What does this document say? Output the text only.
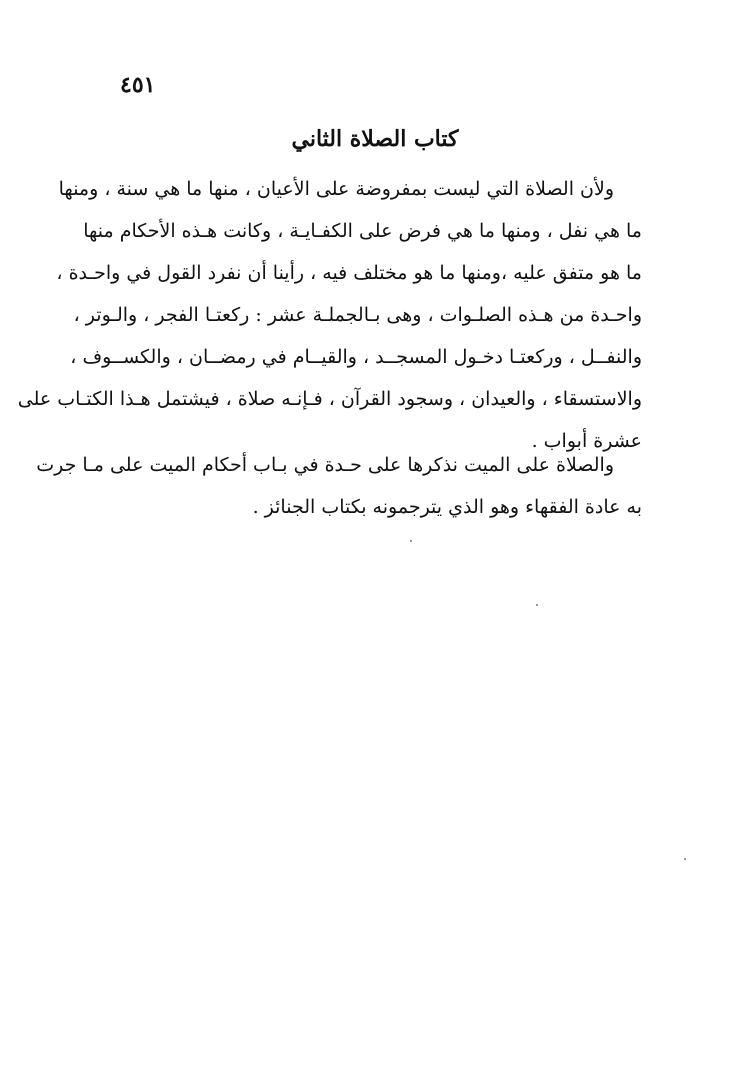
٤٥١
كتاب الصلاة الثاني
ولأن الصلاة التي ليست بمفروضة على الأعيان ، منها ما هي سنة ، ومنها
ما هي نفل ، ومنها ما هي فرض على الكفـايـة ، وكانت هـذه الأحكام منها
ما هو متفق عليه ،ومنها ما هو مختلف فيه ، رأينا أن نفرد القول في واحـدة ،
واحـدة من هـذه الصلـوات ، وهى بـالجملـة عشر : ركعتـا الفجر ، والـوتر ،
والنفــل ، وركعتـا دخـول المسجــد ، والقيــام في رمضــان ، والكســوف ،
والاستسقاء ، والعيدان ، وسجود القرآن ، فـإنـه صلاة ، فيشتمل هـذا الكتـاب على
عشرة أبواب .
والصلاة على الميت نذكرها على حـدة في بـاب أحكام الميت على مـا جرت
به عادة الفقهاء وهو الذي يترجمونه بكتاب الجنائز .
